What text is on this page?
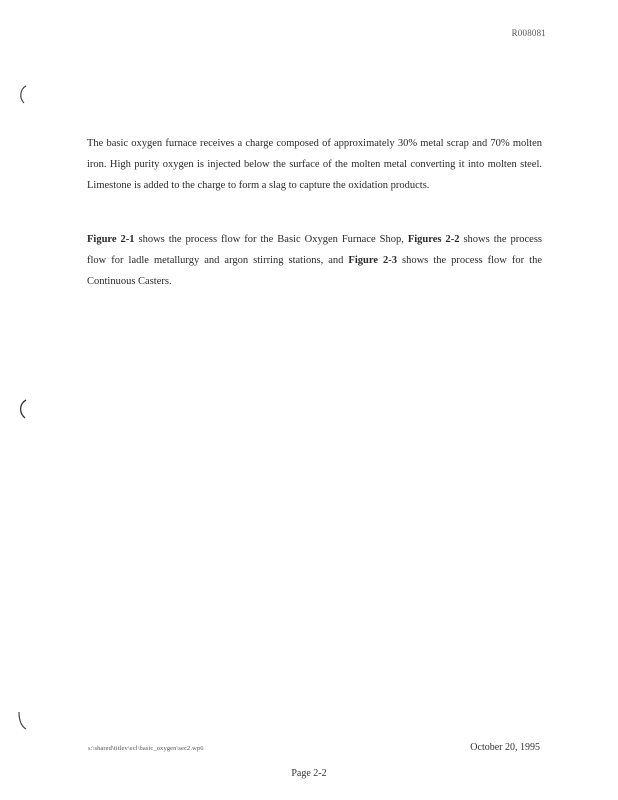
R008081

The basic oxygen furnace receives a charge composed of approximately 30% metal scrap and 70% molten iron. High purity oxygen is injected below the surface of the molten metal converting it into molten steel. Limestone is added to the charge to form a slag to capture the oxidation products.

Figure 2-1 shows the process flow for the Basic Oxygen Furnace Shop, Figures 2-2 shows the process flow for ladle metallurgy and argon stirring stations, and Figure 2-3 shows the process flow for the Continuous Casters.

s:\shared\titlev\ecl\basic_oxygen\sec2.wp6	October 20, 1995
Page 2-2
